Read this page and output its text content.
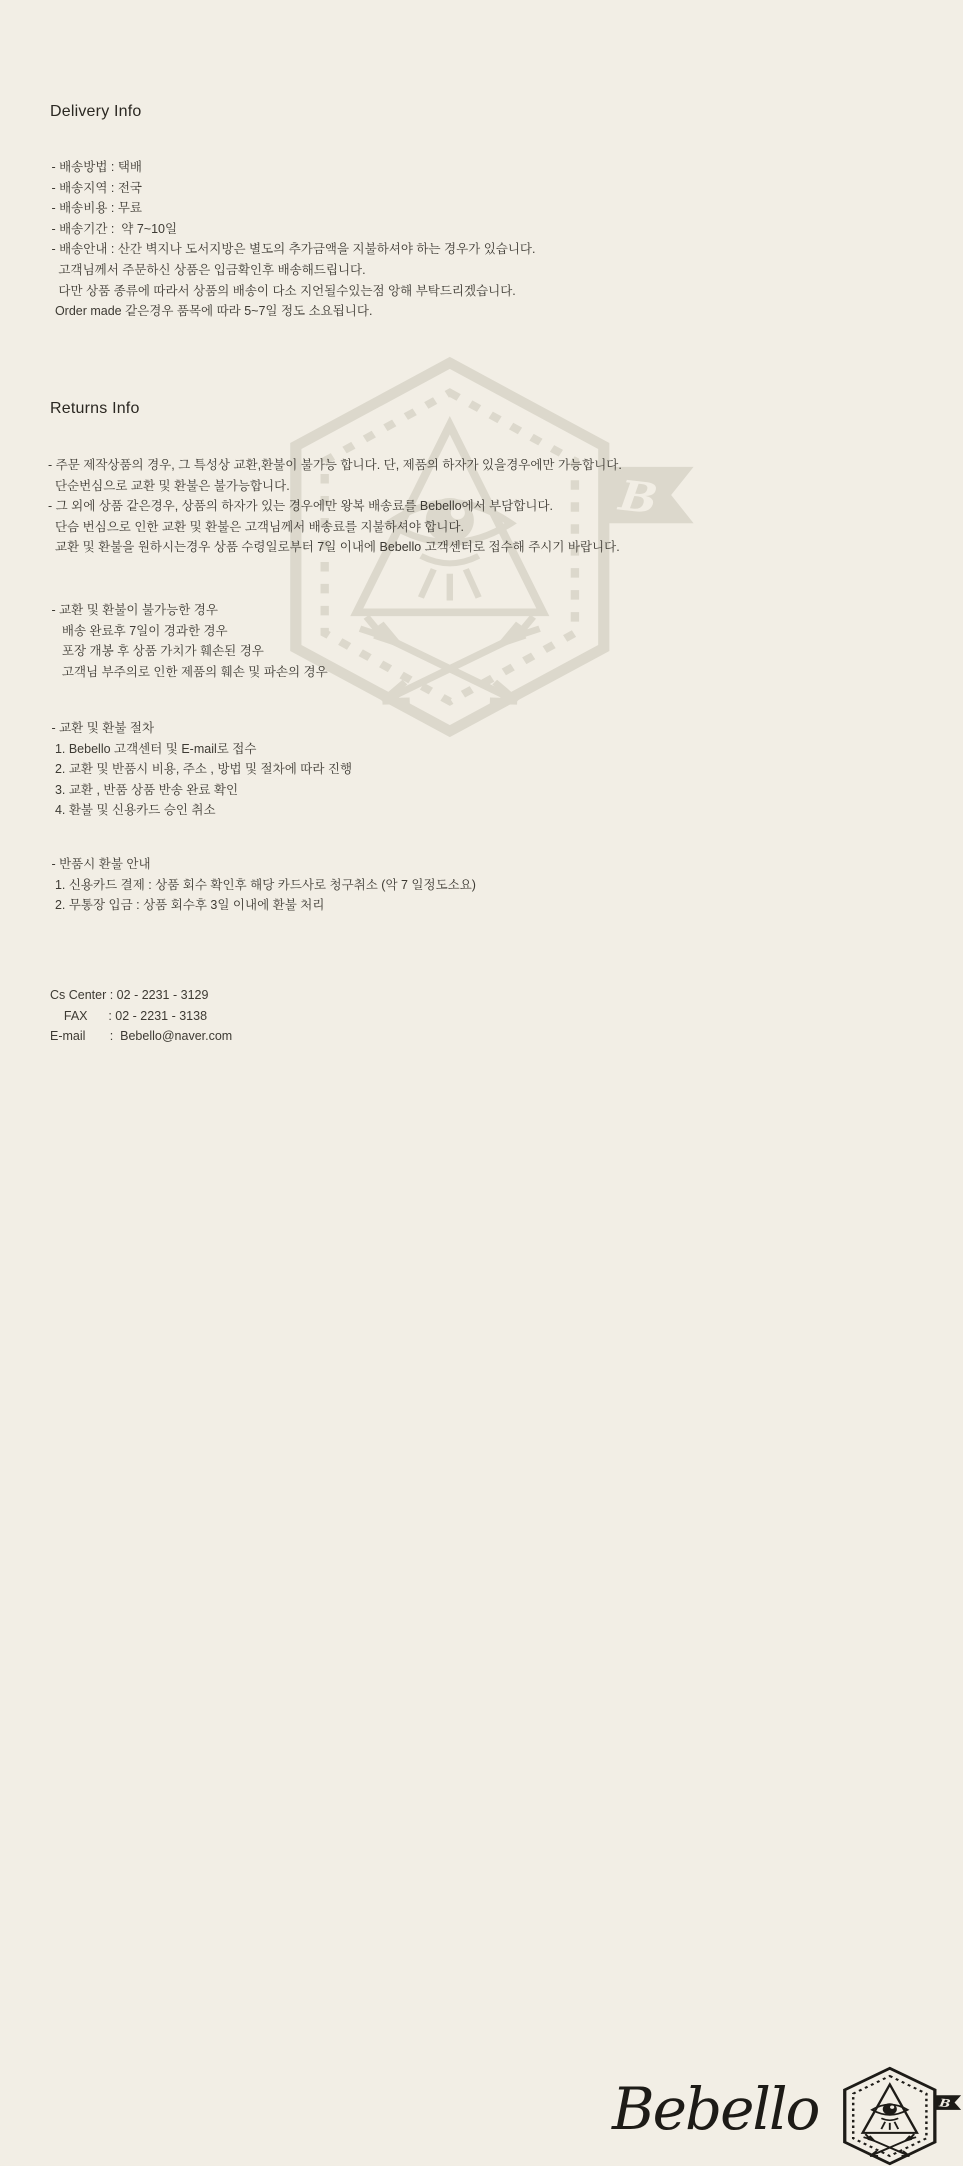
Delivery Info
- 배송방법 : 택배
- 배송지역 : 전국
- 배송비용 : 무료
- 배송기간 :  약 7~10일
- 배송안내 : 산간 벽지나 도서지방은 별도의 추가금액을 지불하셔야 하는 경우가 있습니다.
고객님께서 주문하신 상품은 입금확인후 배송해드립니다.
다만 상품 종류에 따라서 상품의 배송이 다소 지언될수있는점 앙해 부탁드리겠습니다.
Order made 같은경우 품목에 따라 5~7일 정도 소요됩니다.
Returns Info
- 주문 제작상품의 경우, 그 특성상 교환,환불이 불가능 합니다. 단, 제품의 하자가 있을경우에만 가능합니다.
단순번심으로 교환 및 환불은 불가능합니다.
- 그 외에 상품 같은경우, 상품의 하자가 있는 경우에만 왕복 배송료를 Bebello에서 부담합니다.
단슴 번심으로 인한 교환 및 환불은 고객님께서 배송료를 지불하셔야 합니다.
교환 및 환불을 원하시는경우 상품 수령일로부터 7일 이내에 Bebello 고객센터로 접수해 주시기 바랍니다.
- 교환 및 환불이 불가능한 경우
배송 완료후 7일이 경과한 경우
포장 개봉 후 상품 가치가 훼손된 경우
고객님 부주의로 인한 제품의 훼손 및 파손의 경우
- 교환 및 환불 절차
1. Bebello 고객센터 및 E-mail로 접수
2. 교환 및 반품시 비용, 주소 , 방법 및 절차에 따라 진행
3. 교환 , 반품 상품 반송 완료 확인
4. 환불 및 신용카드 승인 취소
- 반품시 환불 안내
1. 신용카드 결제 : 상품 회수 확인후 해당 카드사로 청구취소 (악 7 일정도소요)
2. 무통장 입금 : 상품 회수후 3일 이내에 환불 처리
Cs Center : 02 - 2231 - 3129
FAX      : 02 - 2231 - 3138
E-mail       :  Bebello@naver.com
Bebello
